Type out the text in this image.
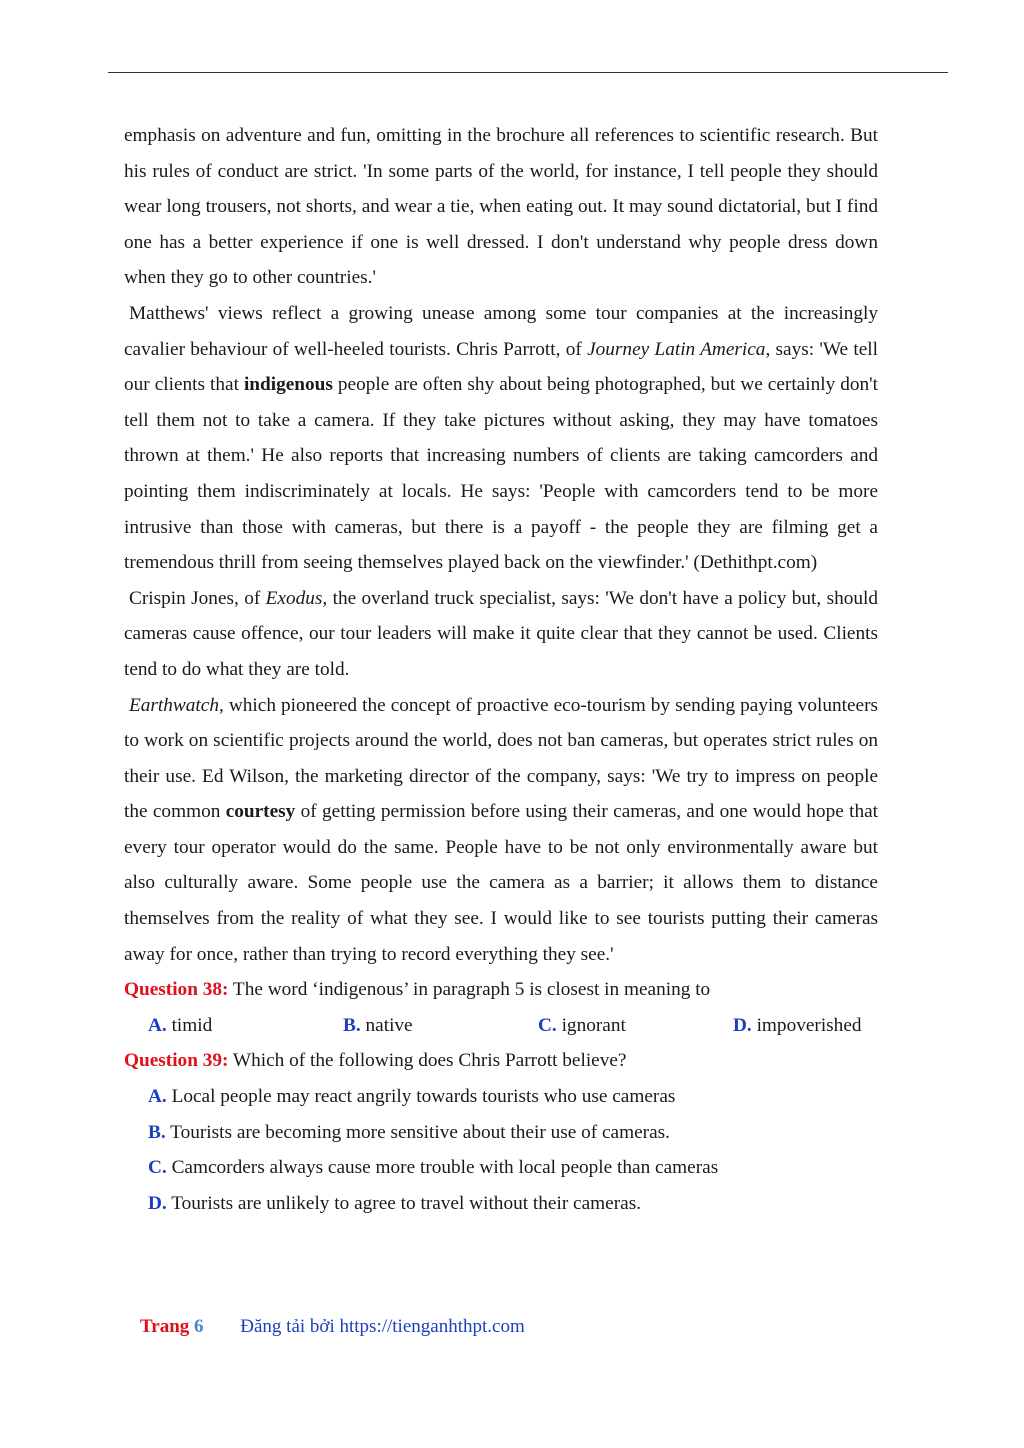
emphasis on adventure and fun, omitting in the brochure all references to scientific research. But his rules of conduct are strict. 'In some parts of the world, for instance, I tell people they should wear long trousers, not shorts, and wear a tie, when eating out. It may sound dictatorial, but I find one has a better experience if one is well dressed. I don't understand why people dress down when they go to other countries.'

Matthews' views reflect a growing unease among some tour companies at the increasingly cavalier behaviour of well-heeled tourists. Chris Parrott, of Journey Latin America, says: 'We tell our clients that indigenous people are often shy about being photographed, but we certainly don't tell them not to take a camera. If they take pictures without asking, they may have tomatoes thrown at them.' He also reports that increasing numbers of clients are taking camcorders and pointing them indiscriminately at locals. He says: 'People with camcorders tend to be more intrusive than those with cameras, but there is a payoff - the people they are filming get a tremendous thrill from seeing themselves played back on the viewfinder.' (Dethithpt.com)

Crispin Jones, of Exodus, the overland truck specialist, says: 'We don't have a policy but, should cameras cause offence, our tour leaders will make it quite clear that they cannot be used. Clients tend to do what they are told.

Earthwatch, which pioneered the concept of proactive eco-tourism by sending paying volunteers to work on scientific projects around the world, does not ban cameras, but operates strict rules on their use. Ed Wilson, the marketing director of the company, says: 'We try to impress on people the common courtesy of getting permission before using their cameras, and one would hope that every tour operator would do the same. People have to be not only environmentally aware but also culturally aware. Some people use the camera as a barrier; it allows them to distance themselves from the reality of what they see. I would like to see tourists putting their cameras away for once, rather than trying to record everything they see.'

Question 38: The word ‘indigenous’ in paragraph 5 is closest in meaning to

A. timid	B. native	C. ignorant	D. impoverished

Question 39: Which of the following does Chris Parrott believe?

A. Local people may react angrily towards tourists who use cameras

B. Tourists are becoming more sensitive about their use of cameras.

C. Camcorders always cause more trouble with local people than cameras

D. Tourists are unlikely to agree to travel without their cameras.

Trang 6 Đăng tải bởi https://tienganhthpt.com
